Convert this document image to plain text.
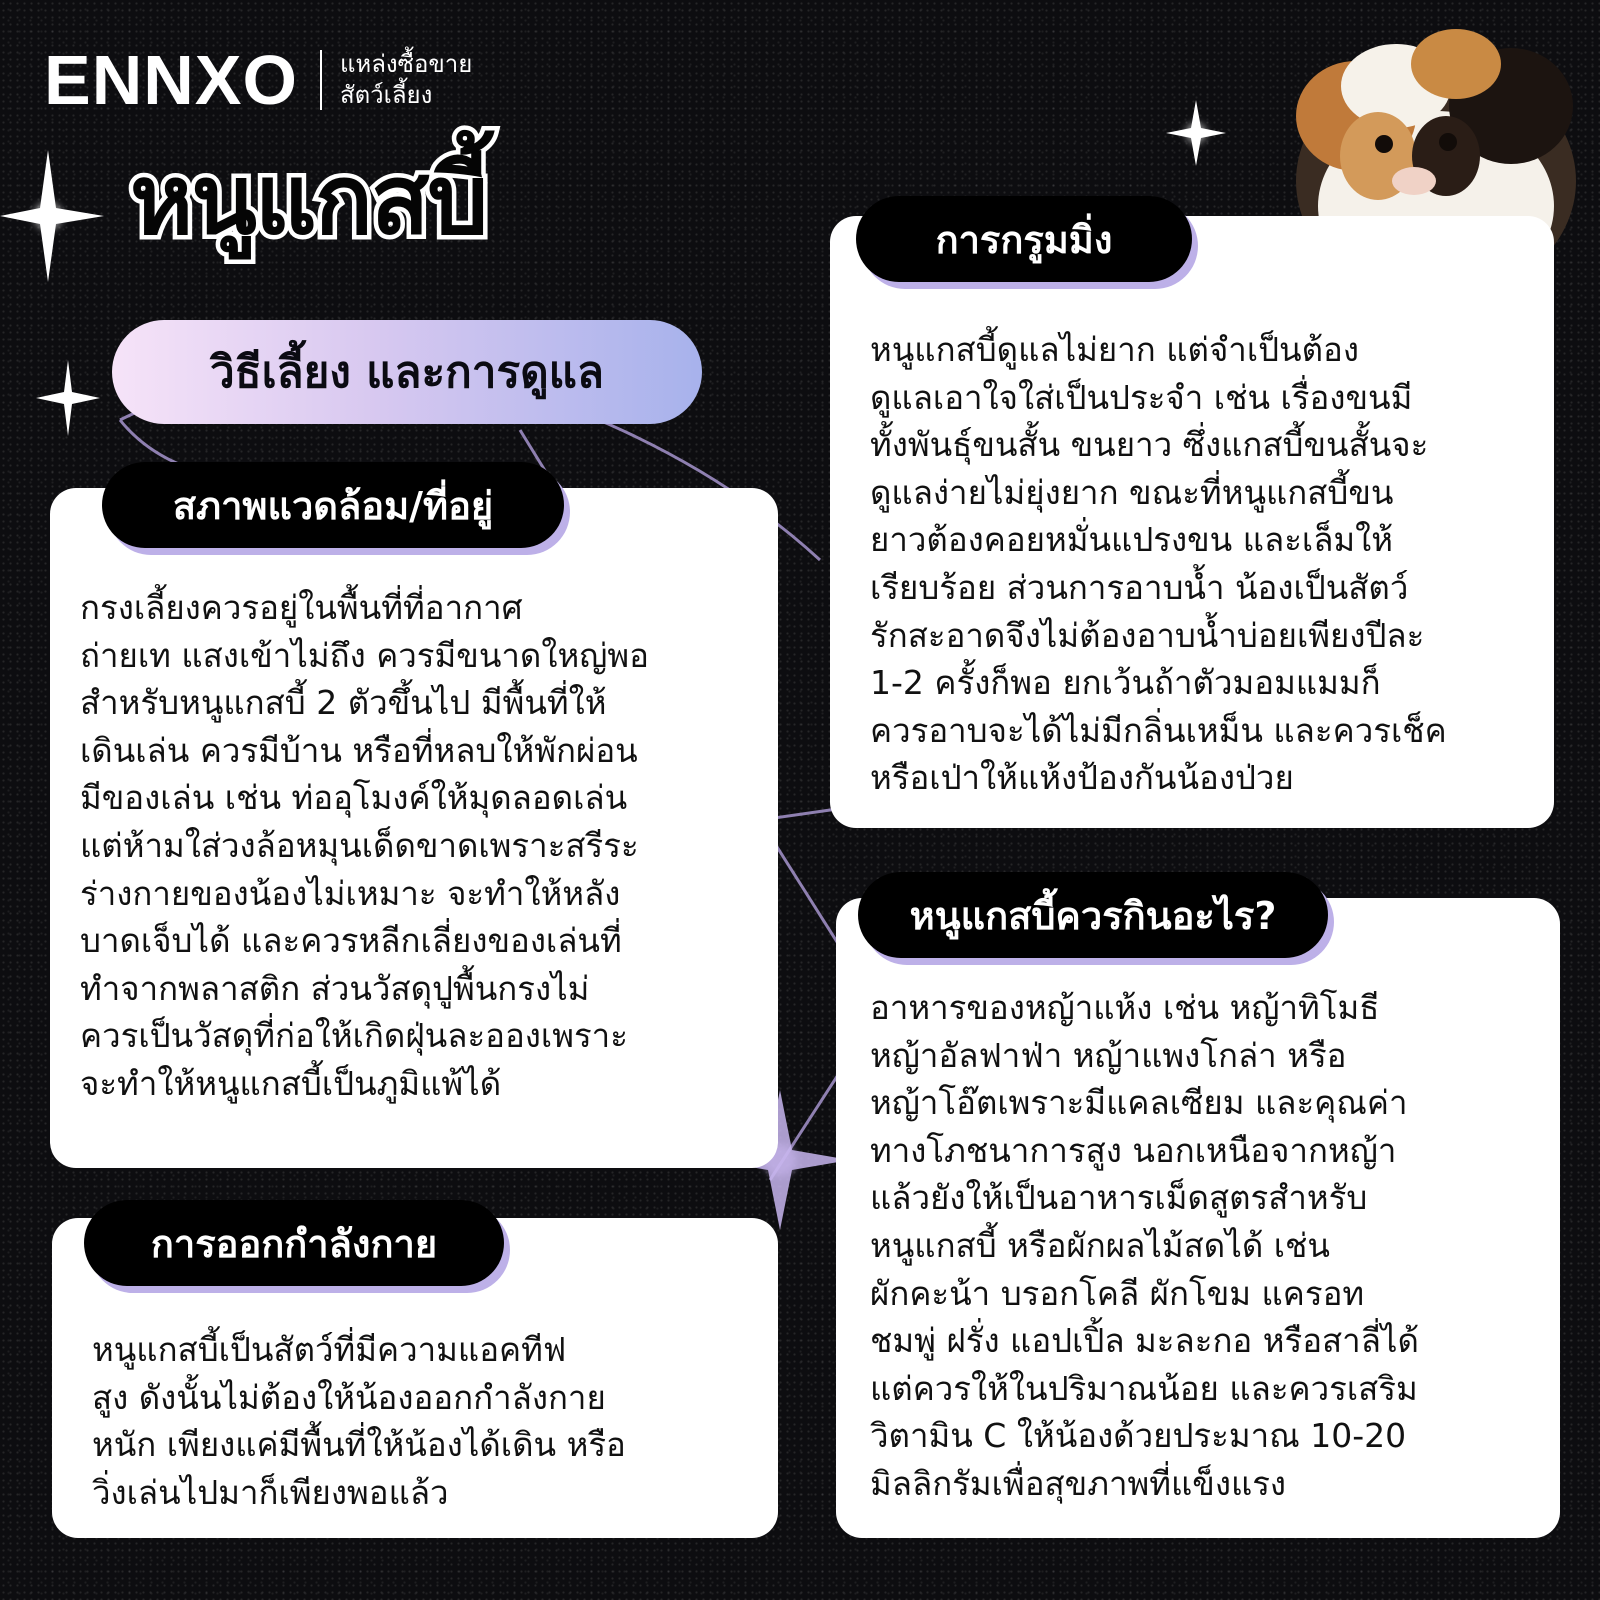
ENNXO แหล่งซื้อขาย
สัตว์เลี้ยง
หนูแกสบี้
วิธีเลี้ยง และการดูแล
กรงเลี้ยงควรอยู่ในพื้นที่ที่อากาศ
ถ่ายเท แสงเข้าไม่ถึง ควรมีขนาดใหญ่พอ
สำหรับหนูแกสบี้ 2 ตัวขึ้นไป มีพื้นที่ให้
เดินเล่น ควรมีบ้าน หรือที่หลบให้พักผ่อน
มีของเล่น เช่น ท่ออุโมงค์ให้มุดลอดเล่น
แต่ห้ามใส่วงล้อหมุนเด็ดขาดเพราะสรีระ
ร่างกายของน้องไม่เหมาะ จะทำให้หลัง
บาดเจ็บได้ และควรหลีกเลี่ยงของเล่นที่
ทำจากพลาสติก ส่วนวัสดุปูพื้นกรงไม่
ควรเป็นวัสดุที่ก่อให้เกิดฝุ่นละอองเพราะ
จะทำให้หนูแกสบี้เป็นภูมิแพ้ได้
สภาพแวดล้อม/ที่อยู่
หนูแกสบี้เป็นสัตว์ที่มีความแอคทีฟ
สูง ดังนั้นไม่ต้องให้น้องออกกำลังกาย
หนัก เพียงแค่มีพื้นที่ให้น้องได้เดิน หรือ
วิ่งเล่นไปมาก็เพียงพอแล้ว
การออกกำลังกาย
หนูแกสบี้ดูแลไม่ยาก แต่จำเป็นต้อง
ดูแลเอาใจใส่เป็นประจำ เช่น เรื่องขนมี
ทั้งพันธุ์ขนสั้น ขนยาว ซึ่งแกสบี้ขนสั้นจะ
ดูแลง่ายไม่ยุ่งยาก ขณะที่หนูแกสบี้ขน
ยาวต้องคอยหมั่นแปรงขน และเล็มให้
เรียบร้อย ส่วนการอาบน้ำ น้องเป็นสัตว์
รักสะอาดจึงไม่ต้องอาบน้ำบ่อยเพียงปีละ
1-2 ครั้งก็พอ ยกเว้นถ้าตัวมอมแมมก็
ควรอาบจะได้ไม่มีกลิ่นเหม็น และควรเช็ค
หรือเป่าให้แห้งป้องกันน้องป่วย
การกรูมมิ่ง
อาหารของหญ้าแห้ง เช่น หญ้าทิโมธี
หญ้าอัลฟาฟ่า หญ้าแพงโกล่า หรือ
หญ้าโอ๊ตเพราะมีแคลเซียม และคุณค่า
ทางโภชนาการสูง นอกเหนือจากหญ้า
แล้วยังให้เป็นอาหารเม็ดสูตรสำหรับ
หนูแกสบี้ หรือผักผลไม้สดได้ เช่น
ผักคะน้า บรอกโคลี ผักโขม แครอท
ชมพู่ ฝรั่ง แอปเปิ้ล มะละกอ หรือสาลี่ได้
แต่ควรให้ในปริมาณน้อย และควรเสริม
วิตามิน C ให้น้องด้วยประมาณ 10-20
มิลลิกรัมเพื่อสุขภาพที่แข็งแรง
หนูแกสบี้ควรกินอะไร?
